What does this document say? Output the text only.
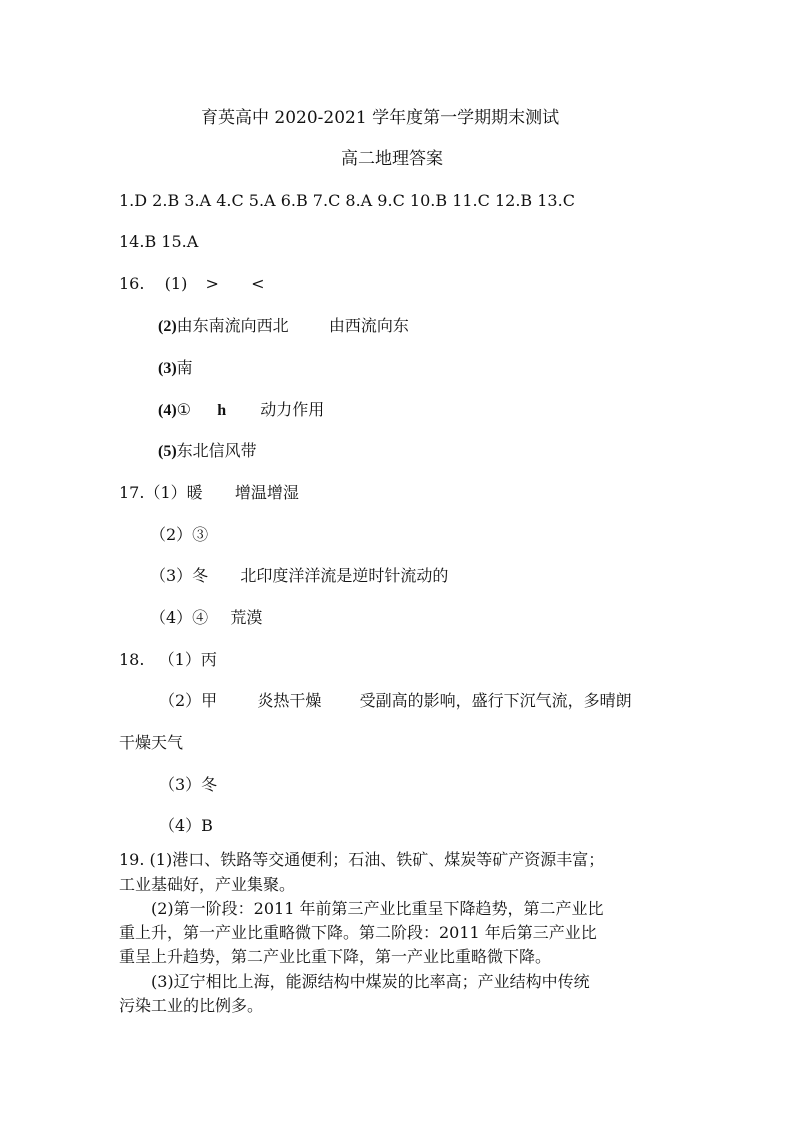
育英高中 2020-2021 学年度第一学期期末测试
高二地理答案
1.D 2.B 3.A 4.C 5.A 6.B 7.C 8.A 9.C 10.B 11.C 12.B 13.C
14.B 15.A
16. (1) > <
(2)由东南流向西北	由西流向东
(3)南
(4)① h 动力作用
(5)东北信风带
17.（1）暖 增温增湿
（2）③
（3）冬 北印度洋洋流是逆时针流动的
（4）④ 荒漠
18. （1）丙
（2）甲	炎热干燥 受副高的影响，盛行下沉气流，多晴朗
干燥天气
（3）冬
（4）B
19. (1)港口、铁路等交通便利；石油、铁矿、煤炭等矿产资源丰富；
工业基础好，产业集聚。
(2)第一阶段：2011 年前第三产业比重呈下降趋势，第二产业比
重上升，第一产业比重略微下降。第二阶段：2011 年后第三产业比
重呈上升趋势，第二产业比重下降，第一产业比重略微下降。
(3)辽宁相比上海，能源结构中煤炭的比率高；产业结构中传统
污染工业的比例多。
